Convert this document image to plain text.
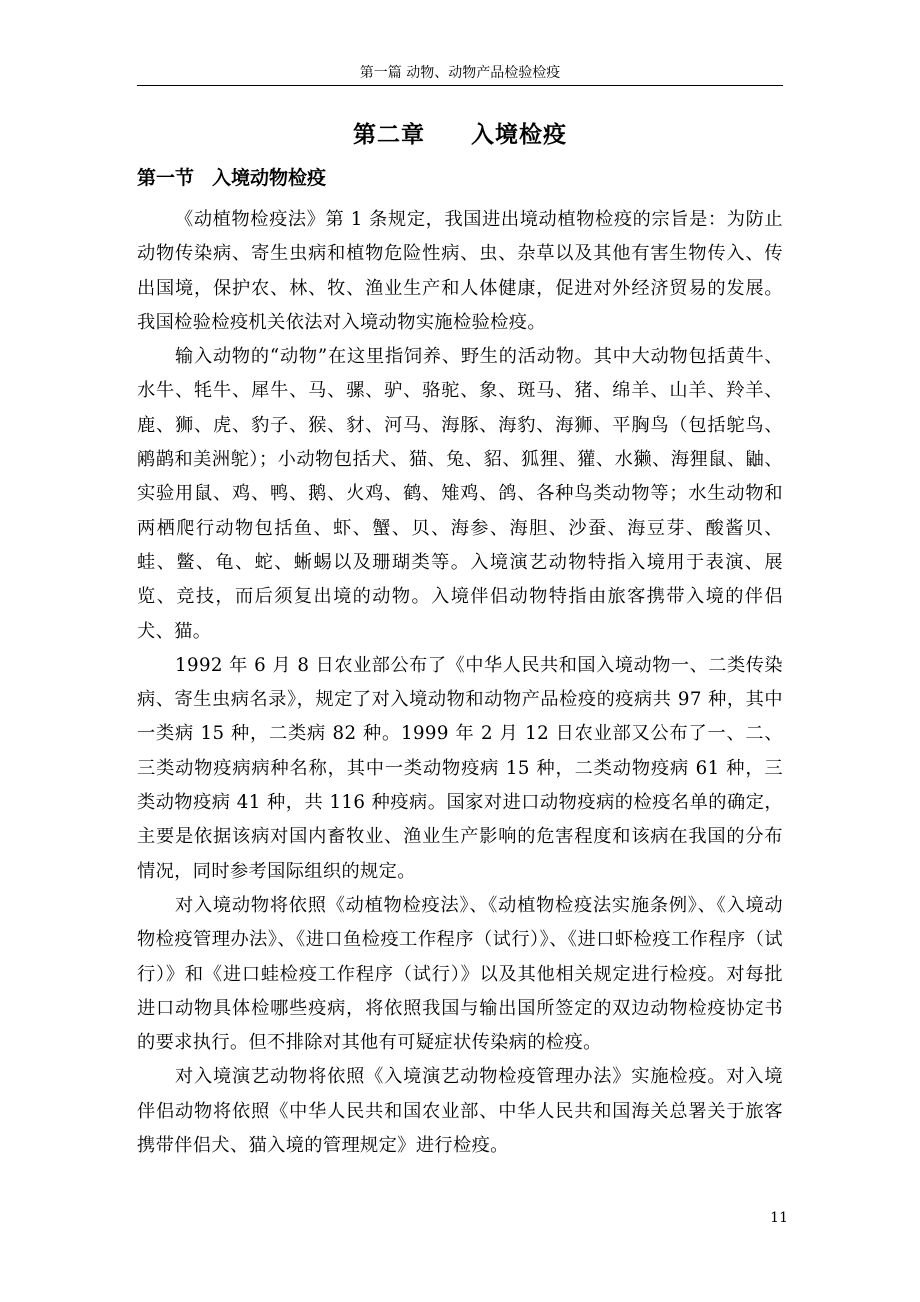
第一篇 动物、动物产品检验检疫
第二章 入境检疫
第一节 入境动物检疫

《动植物检疫法》第 1 条规定，我国进出境动植物检疫的宗旨是：为防止动物传染病、寄生虫病和植物危险性病、虫、杂草以及其他有害生物传入、传出国境，保护农、林、牧、渔业生产和人体健康，促进对外经济贸易的发展。我国检验检疫机关依法对入境动物实施检验检疫。

输入动物的“动物”在这里指饲养、野生的活动物。其中大动物包括黄牛、水牛、牦牛、犀牛、马、骡、驴、骆驼、象、斑马、猪、绵羊、山羊、羚羊、鹿、狮、虎、豹子、猴、豺、河马、海豚、海豹、海狮、平胸鸟（包括鸵鸟、鹇鹋和美洲鸵）；小动物包括犬、猫、兔、貂、狐狸、獾、水獭、海狸鼠、鼬、实验用鼠、鸡、鸭、鹅、火鸡、鹤、雉鸡、鸽、各种鸟类动物等；水生动物和两栖爬行动物包括鱼、虾、蟹、贝、海参、海胆、沙蚕、海豆芽、酸酱贝、蛙、鳖、龟、蛇、蜥蜴以及珊瑚类等。入境演艺动物特指入境用于表演、展览、竞技，而后须复出境的动物。入境伴侣动物特指由旅客携带入境的伴侣犬、猫。

1992 年 6 月 8 日农业部公布了《中华人民共和国入境动物一、二类传染病、寄生虫病名录》，规定了对入境动物和动物产品检疫的疫病共 97 种，其中一类病 15 种，二类病 82 种。1999 年 2 月 12 日农业部又公布了一、二、三类动物疫病病种名称，其中一类动物疫病 15 种，二类动物疫病 61 种，三类动物疫病 41 种，共 116 种疫病。国家对进口动物疫病的检疫名单的确定，主要是依据该病对国内畜牧业、渔业生产影响的危害程度和该病在我国的分布情况，同时参考国际组织的规定。

对入境动物将依照《动植物检疫法》、《动植物检疫法实施条例》、《入境动物检疫管理办法》、《进口鱼检疫工作程序（试行）》、《进口虾检疫工作程序（试行）》和《进口蛙检疫工作程序（试行）》以及其他相关规定进行检疫。对每批进口动物具体检哪些疫病，将依照我国与输出国所签定的双边动物检疫协定书的要求执行。但不排除对其他有可疑症状传染病的检疫。

对入境演艺动物将依照《入境演艺动物检疫管理办法》实施检疫。对入境伴侣动物将依照《中华人民共和国农业部、中华人民共和国海关总署关于旅客携带伴侣犬、猫入境的管理规定》进行检疫。

11
